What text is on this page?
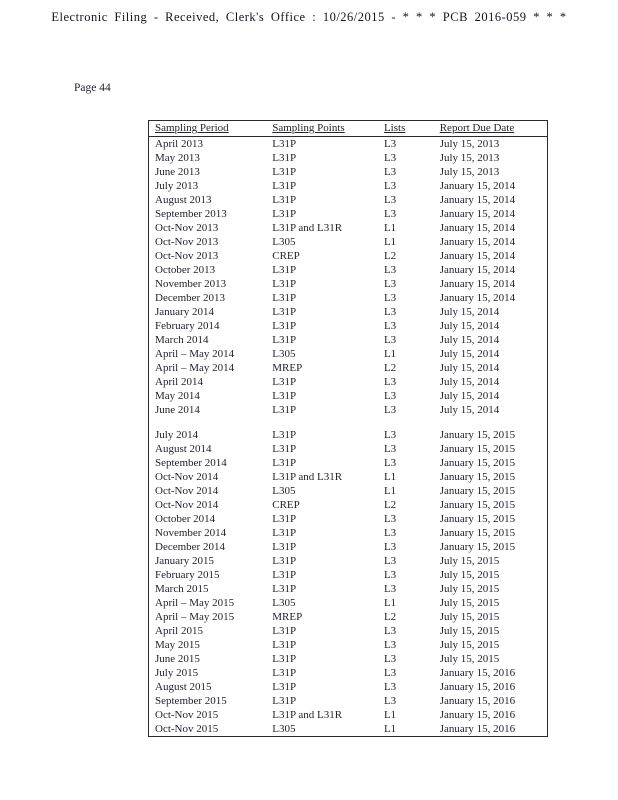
Electronic Filing - Received, Clerk's Office : 10/26/2015 - * * * PCB 2016-059 * * *
Page 44
Sampling Period	Sampling Points	Lists	Report Due Date
April 2013	L31P	L3	July 15, 2013
May 2013	L31P	L3	July 15, 2013
June 2013	L31P	L3	July 15, 2013
July 2013	L31P	L3	January 15, 2014
August 2013	L31P	L3	January 15, 2014
September 2013	L31P	L3	January 15, 2014
Oct-Nov 2013	L31P and L31R	L1	January 15, 2014
Oct-Nov 2013	L305	L1	January 15, 2014
Oct-Nov 2013	CREP	L2	January 15, 2014
October 2013	L31P	L3	January 15, 2014
November 2013	L31P	L3	January 15, 2014
December 2013	L31P	L3	January 15, 2014
January 2014	L31P	L3	July 15, 2014
February 2014	L31P	L3	July 15, 2014
March 2014	L31P	L3	July 15, 2014
April – May 2014	L305	L1	July 15, 2014
April – May 2014	MREP	L2	July 15, 2014
April 2014	L31P	L3	July 15, 2014
May 2014	L31P	L3	July 15, 2014
June 2014	L31P	L3	July 15, 2014
July 2014	L31P	L3	January 15, 2015
August 2014	L31P	L3	January 15, 2015
September 2014	L31P	L3	January 15, 2015
Oct-Nov 2014	L31P and L31R	L1	January 15, 2015
Oct-Nov 2014	L305	L1	January 15, 2015
Oct-Nov 2014	CREP	L2	January 15, 2015
October 2014	L31P	L3	January 15, 2015
November 2014	L31P	L3	January 15, 2015
December 2014	L31P	L3	January 15, 2015
January 2015	L31P	L3	July 15, 2015
February 2015	L31P	L3	July 15, 2015
March 2015	L31P	L3	July 15, 2015
April – May 2015	L305	L1	July 15, 2015
April – May 2015	MREP	L2	July 15, 2015
April 2015	L31P	L3	July 15, 2015
May 2015	L31P	L3	July 15, 2015
June 2015	L31P	L3	July 15, 2015
July 2015	L31P	L3	January 15, 2016
August 2015	L31P	L3	January 15, 2016
September 2015	L31P	L3	January 15, 2016
Oct-Nov 2015	L31P and L31R	L1	January 15, 2016
Oct-Nov 2015	L305	L1	January 15, 2016
